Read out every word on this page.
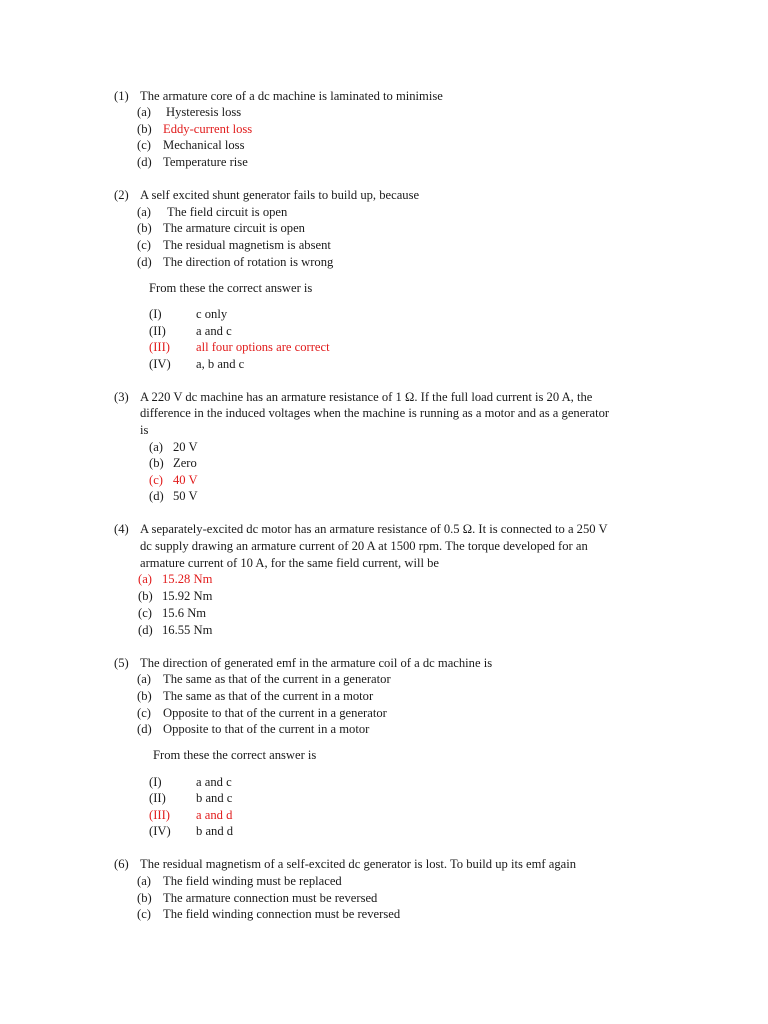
(1) The armature core of a dc machine is laminated to minimise
(a) Hysteresis loss
(b) Eddy-current loss
(c) Mechanical loss
(d) Temperature rise
(2) A self excited shunt generator fails to build up, because
(a) The field circuit is open
(b) The armature circuit is open
(c) The residual magnetism is absent
(d) The direction of rotation is wrong
From these the correct answer is
(I)	c only
(II) a and c
(III) all four options are correct
(IV) a, b and c
(3) A 220 V dc machine has an armature resistance of 1 Ω. If the full load current is 20 A, the
difference in the induced voltages when the machine is running as a motor and as a generator
is
(a) 20 V
(b) Zero
(c) 40 V
(d) 50 V
(4) A separately-excited dc motor has an armature resistance of 0.5 Ω. It is connected to a 250 V
dc supply drawing an armature current of 20 A at 1500 rpm. The torque developed for an
armature current of 10 A, for the same field current, will be
(a) 15.28 Nm
(b) 15.92 Nm
(c) 15.6 Nm
(d) 16.55 Nm
(5) The direction of generated emf in the armature coil of a dc machine is
(a) The same as that of the current in a generator
(b) The same as that of the current in a motor
(c) Opposite to that of the current in a generator
(d) Opposite to that of the current in a motor
From these the correct answer is
(I)	a and c
(II) b and c
(III) a and d
(IV) b and d
(6) The residual magnetism of a self-excited dc generator is lost. To build up its emf again
(a) The field winding must be replaced
(b) The armature connection must be reversed
(c) The field winding connection must be reversed
